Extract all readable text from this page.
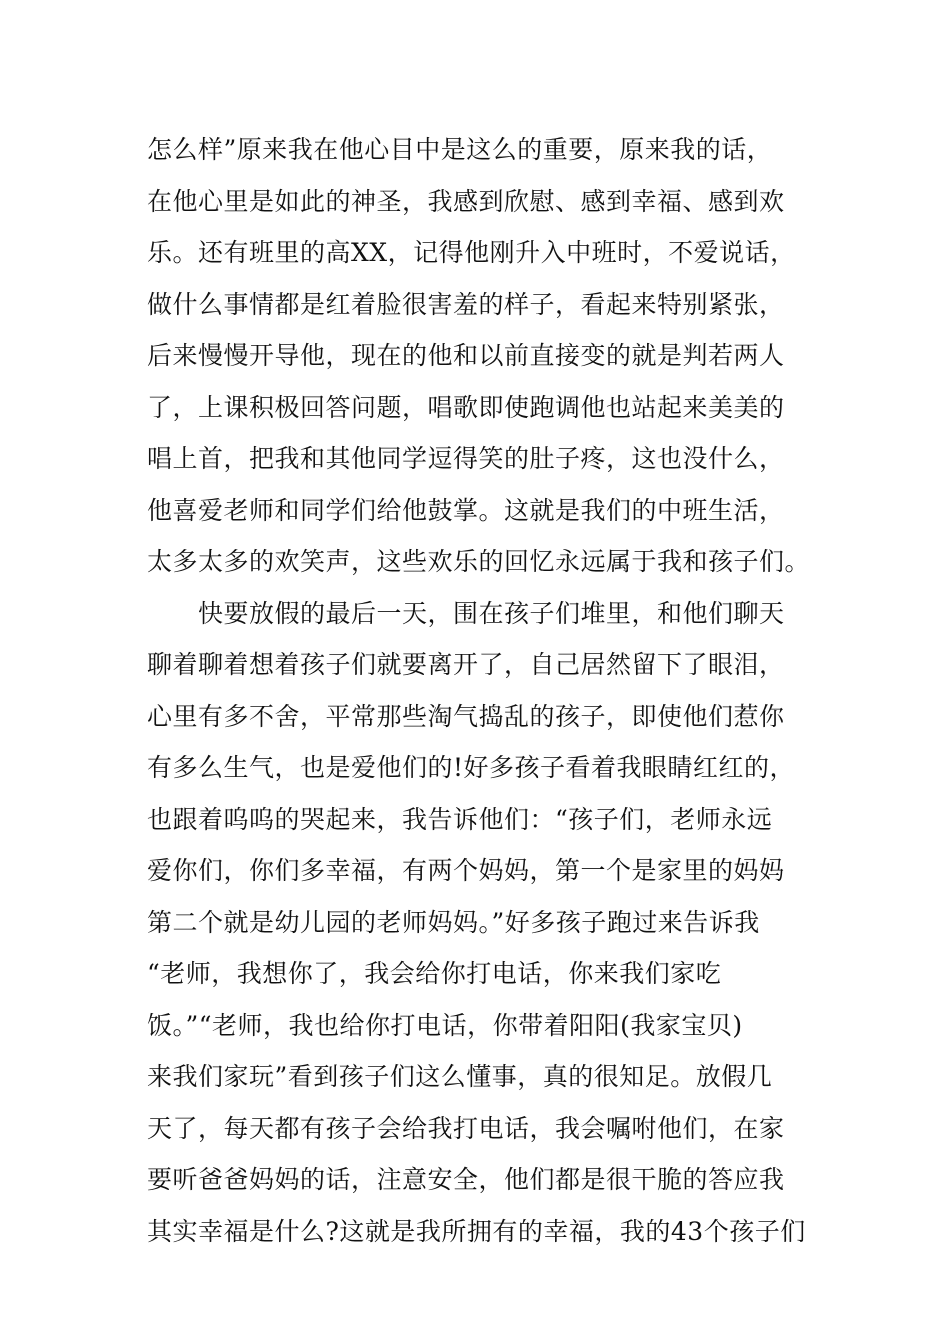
怎么样”原来我在他心目中是这么的重要，原来我的话，
在他心里是如此的神圣，我感到欣慰、感到幸福、感到欢
乐。还有班里的高XX，记得他刚升入中班时，不爱说话，
做什么事情都是红着脸很害羞的样子，看起来特别紧张，
后来慢慢开导他，现在的他和以前直接变的就是判若两人
了，上课积极回答问题，唱歌即使跑调他也站起来美美的
唱上首，把我和其他同学逗得笑的肚子疼，这也没什么，
他喜爱老师和同学们给他鼓掌。这就是我们的中班生活，
太多太多的欢笑声，这些欢乐的回忆永远属于我和孩子们。
　　快要放假的最后一天，围在孩子们堆里，和他们聊天
聊着聊着想着孩子们就要离开了，自己居然留下了眼泪，
心里有多不舍，平常那些淘气捣乱的孩子，即使他们惹你
有多么生气，也是爱他们的!好多孩子看着我眼睛红红的，
也跟着呜呜的哭起来，我告诉他们：“孩子们，老师永远
爱你们，你们多幸福，有两个妈妈，第一个是家里的妈妈
第二个就是幼儿园的老师妈妈。”好多孩子跑过来告诉我
“老师，我想你了，我会给你打电话，你来我们家吃
饭。”“老师，我也给你打电话，你带着阳阳(我家宝贝)
来我们家玩”看到孩子们这么懂事，真的很知足。放假几
天了，每天都有孩子会给我打电话，我会嘱咐他们，在家
要听爸爸妈妈的话，注意安全，他们都是很干脆的答应我
其实幸福是什么?这就是我所拥有的幸福，我的43个孩子们
